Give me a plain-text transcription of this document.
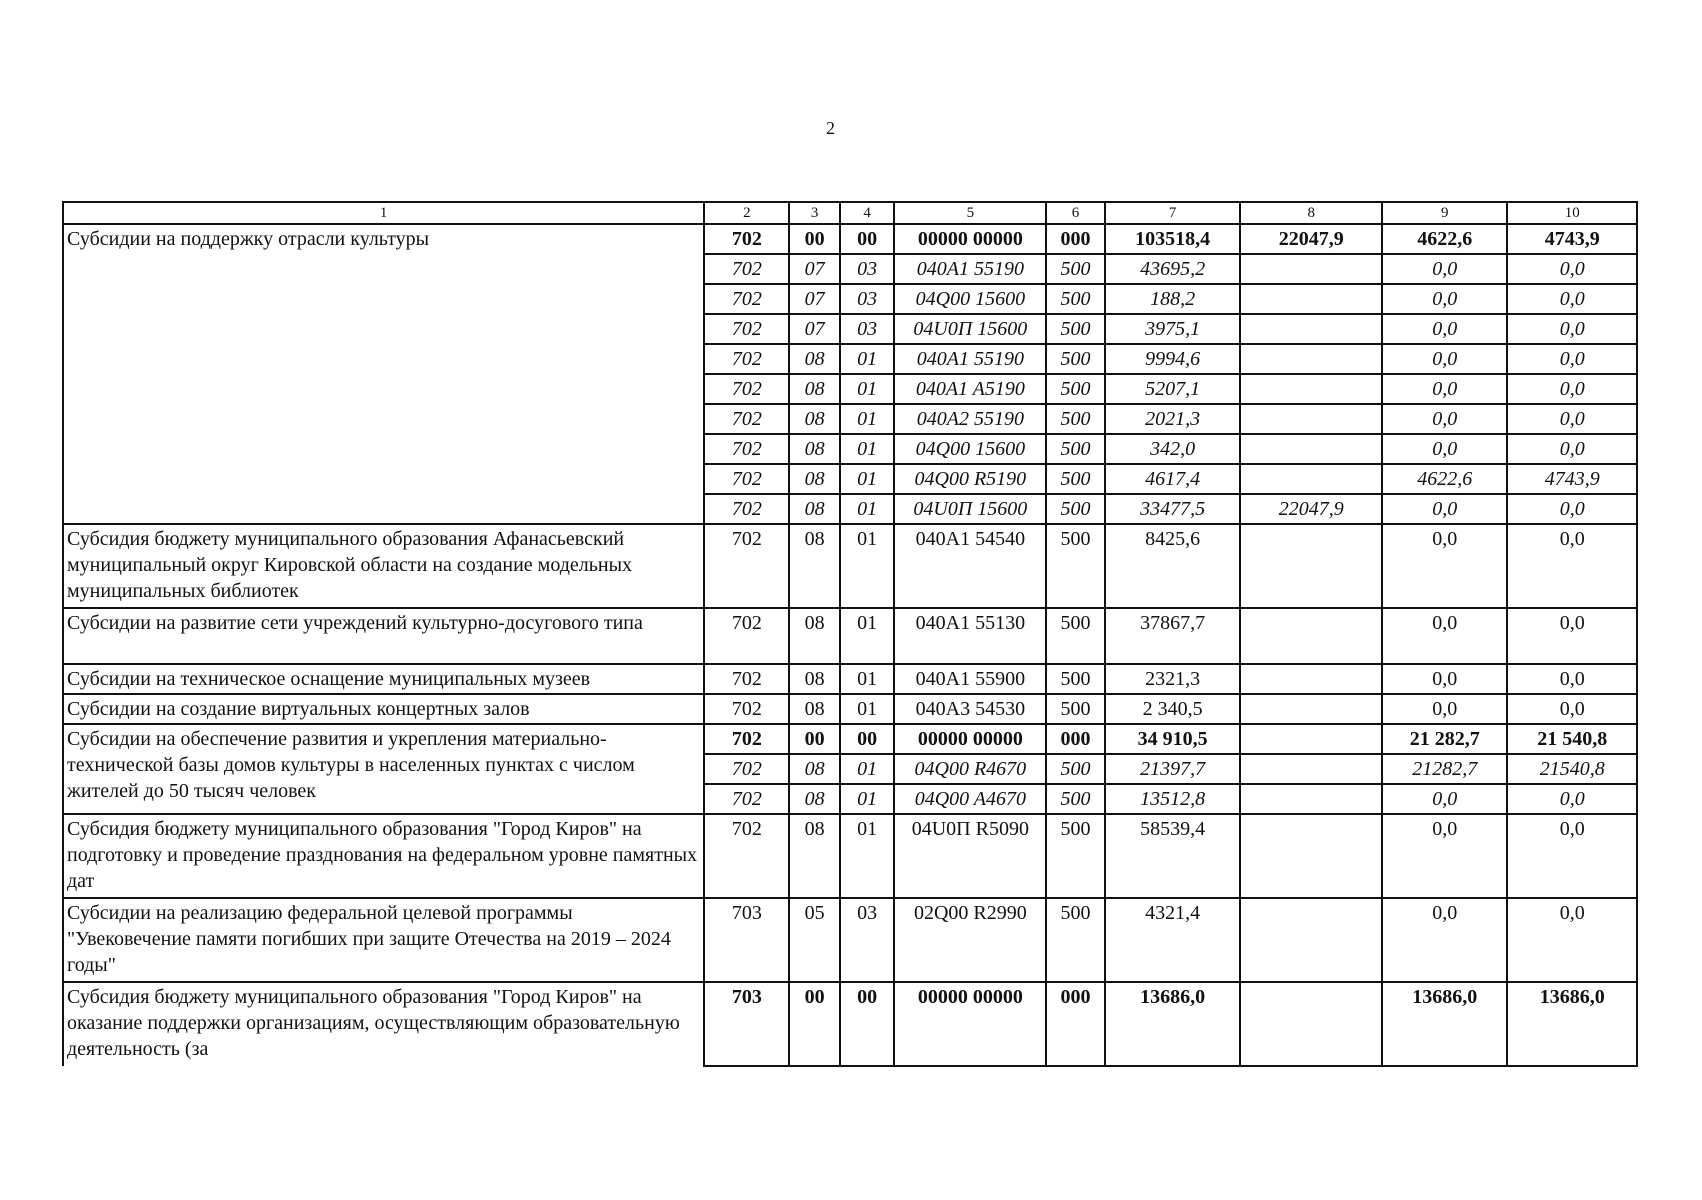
2
1	2	3	4	5	6	7	8	9	10
Субсидии на поддержку отрасли культуры	702	00	00	00000 00000	000	103518,4	22047,9	4622,6	4743,9
	702	07	03	040A1 55190	500	43695,2		0,0	0,0
	702	07	03	04Q00 15600	500	188,2		0,0	0,0
	702	07	03	04U0П 15600	500	3975,1		0,0	0,0
	702	08	01	040A1 55190	500	9994,6		0,0	0,0
	702	08	01	040A1 A5190	500	5207,1		0,0	0,0
	702	08	01	040A2 55190	500	2021,3		0,0	0,0
	702	08	01	04Q00 15600	500	342,0		0,0	0,0
	702	08	01	04Q00 R5190	500	4617,4		4622,6	4743,9
	702	08	01	04U0П 15600	500	33477,5	22047,9	0,0	0,0
Субсидия бюджету муниципального образования Афанасьевский муниципальный округ Кировской области на создание модельных муниципальных библиотек	702	08	01	040A1 54540	500	8425,6		0,0	0,0
Субсидии на развитие сети учреждений культурно-досугового типа	702	08	01	040A1 55130	500	37867,7		0,0	0,0
Субсидии на техническое оснащение муниципальных музеев	702	08	01	040A1 55900	500	2321,3		0,0	0,0
Субсидии на создание виртуальных концертных залов	702	08	01	040A3 54530	500	2 340,5		0,0	0,0
Субсидии на обеспечение развития и укрепления материально-технической базы домов культуры в населенных пунктах с числом жителей до 50 тысяч человек	702	00	00	00000 00000	000	34 910,5		21 282,7	21 540,8
	702	08	01	04Q00 R4670	500	21397,7		21282,7	21540,8
	702	08	01	04Q00 A4670	500	13512,8		0,0	0,0
Субсидия бюджету муниципального образования "Город Киров" на подготовку и проведение празднования на федеральном уровне памятных дат	702	08	01	04U0П R5090	500	58539,4		0,0	0,0
Субсидии на реализацию федеральной целевой программы "Увековечение памяти погибших при защите Отечества на 2019 – 2024 годы"	703	05	03	02Q00 R2990	500	4321,4		0,0	0,0
Субсидия бюджету муниципального образования "Город Киров" на оказание поддержки организациям, осуществляющим образовательную деятельность (за	703	00	00	00000 00000	000	13686,0		13686,0	13686,0
